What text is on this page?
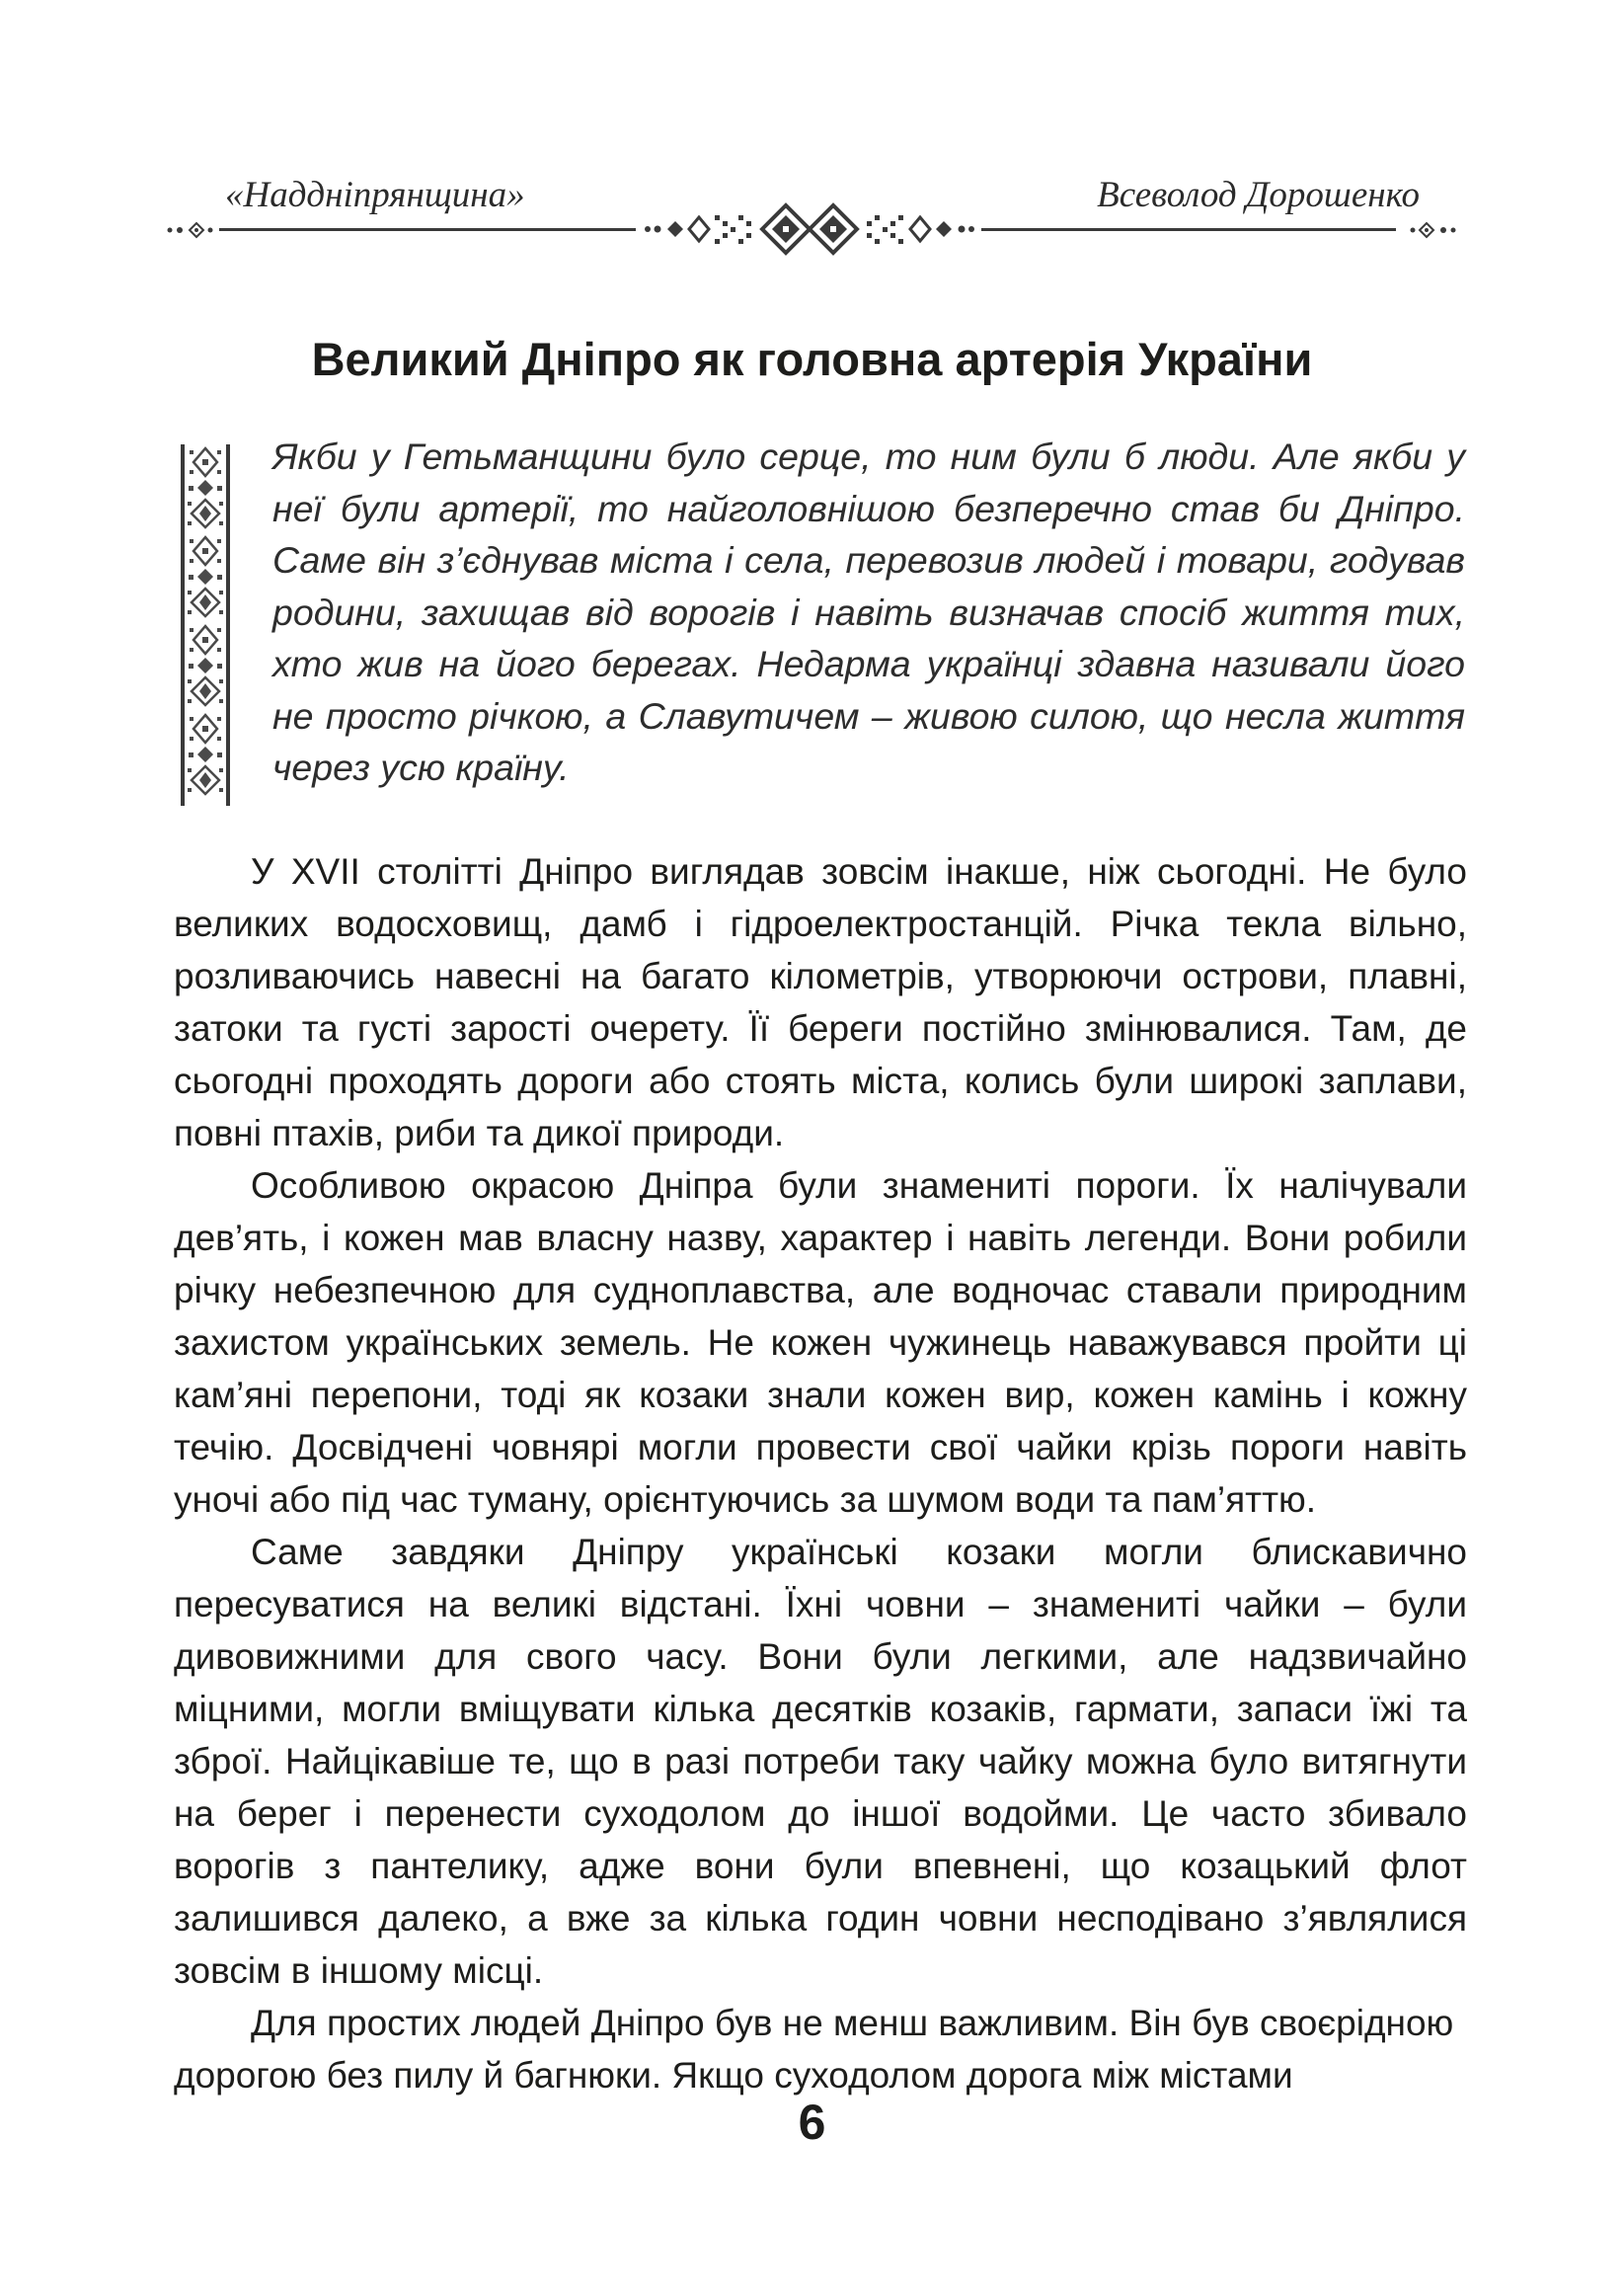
«Наддніпрянщина»	Всеволод Дорошенко
Великий Дніпро як головна артерія України

Якби у Гетьманщини було серце, то ним були б люди. Але якби у неї були артерії, то найголовнішою безперечно став би Дніпро. Саме він з’єднував міста і села, перевозив людей і товари, годував родини, захищав від ворогів і навіть визначав спосіб життя тих, хто жив на його берегах. Недарма українці здавна називали його не просто річкою, а Славутичем – живою силою, що несла життя через усю країну.

У XVII столітті Дніпро виглядав зовсім інакше, ніж сьогодні. Не було великих водосховищ, дамб і гідроелектростанцій. Річка текла вільно, розливаючись навесні на багато кілометрів, утворюючи острови, плавні, затоки та густі зарості очерету. Її береги постійно змінювалися. Там, де сьогодні проходять дороги або стоять міста, колись були широкі заплави, повні птахів, риби та дикої природи.

Особливою окрасою Дніпра були знамениті пороги. Їх налічували дев’ять, і кожен мав власну назву, характер і навіть легенди. Вони робили річку небезпечною для судноплавства, але водночас ставали природним захистом українських земель. Не кожен чужинець наважувався пройти ці кам’яні перепони, тоді як козаки знали кожен вир, кожен камінь і кожну течію. Досвідчені човнярі могли провести свої чайки крізь пороги навіть уночі або під час туману, орієнтуючись за шумом води та пам’яттю.

Саме завдяки Дніпру українські козаки могли блискавично пересуватися на великі відстані. Їхні човни – знамениті чайки – були дивовижними для свого часу. Вони були легкими, але надзвичайно міцними, могли вміщувати кілька десятків козаків, гармати, запаси їжі та зброї. Найцікавіше те, що в разі потреби таку чайку можна було витягнути на берег і перенести суходолом до іншої водойми. Це часто збивало ворогів з пантелику, адже вони були впевнені, що козацький флот залишився далеко, а вже за кілька годин човни несподівано з’являлися зовсім в іншому місці.

Для простих людей Дніпро був не менш важливим. Він був своєрідною дорогою без пилу й багнюки. Якщо суходолом дорога між містами

6
